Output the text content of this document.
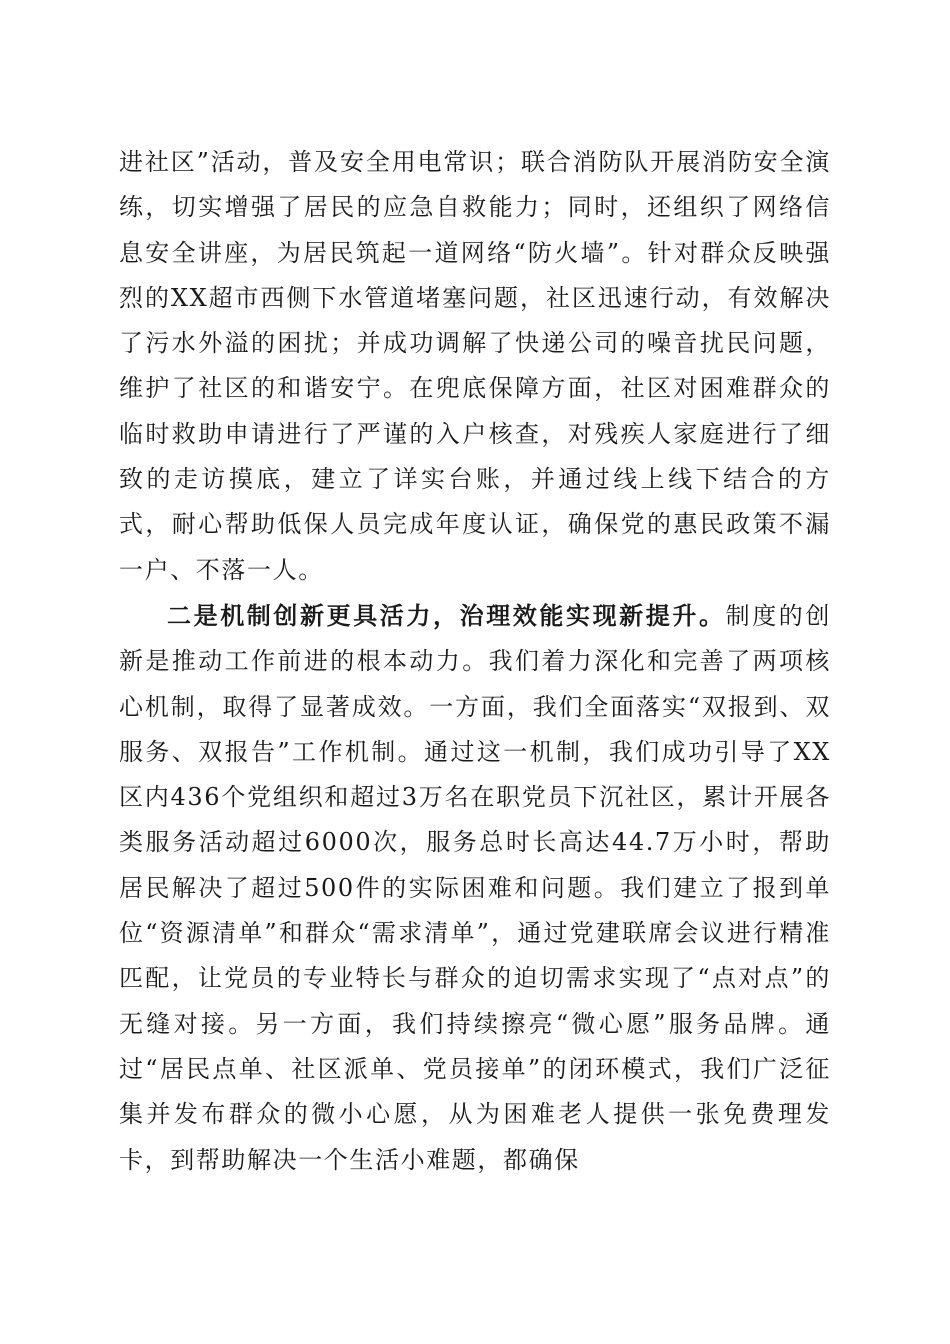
进社区”活动，普及安全用电常识；联合消防队开展消防安全演练，切实增强了居民的应急自救能力；同时，还组织了网络信息安全讲座，为居民筑起一道网络“防火墙”。针对群众反映强烈的XX超市西侧下水管道堵塞问题，社区迅速行动，有效解决了污水外溢的困扰；并成功调解了快递公司的噪音扰民问题，维护了社区的和谐安宁。在兜底保障方面，社区对困难群众的临时救助申请进行了严谨的入户核查，对残疾人家庭进行了细致的走访摸底，建立了详实台账，并通过线上线下结合的方式，耐心帮助低保人员完成年度认证，确保党的惠民政策不漏一户、不落一人。

二是机制创新更具活力，治理效能实现新提升。制度的创新是推动工作前进的根本动力。我们着力深化和完善了两项核心机制，取得了显著成效。一方面，我们全面落实“双报到、双服务、双报告”工作机制。通过这一机制，我们成功引导了XX区内436个党组织和超过3万名在职党员下沉社区，累计开展各类服务活动超过6000次，服务总时长高达44.7万小时，帮助居民解决了超过500件的实际困难和问题。我们建立了报到单位“资源清单”和群众“需求清单”，通过党建联席会议进行精准匹配，让党员的专业特长与群众的迫切需求实现了“点对点”的无缝对接。另一方面，我们持续擦亮“微心愿”服务品牌。通过“居民点单、社区派单、党员接单”的闭环模式，我们广泛征集并发布群众的微小心愿，从为困难老人提供一张免费理发卡，到帮助解决一个生活小难题，都确保
